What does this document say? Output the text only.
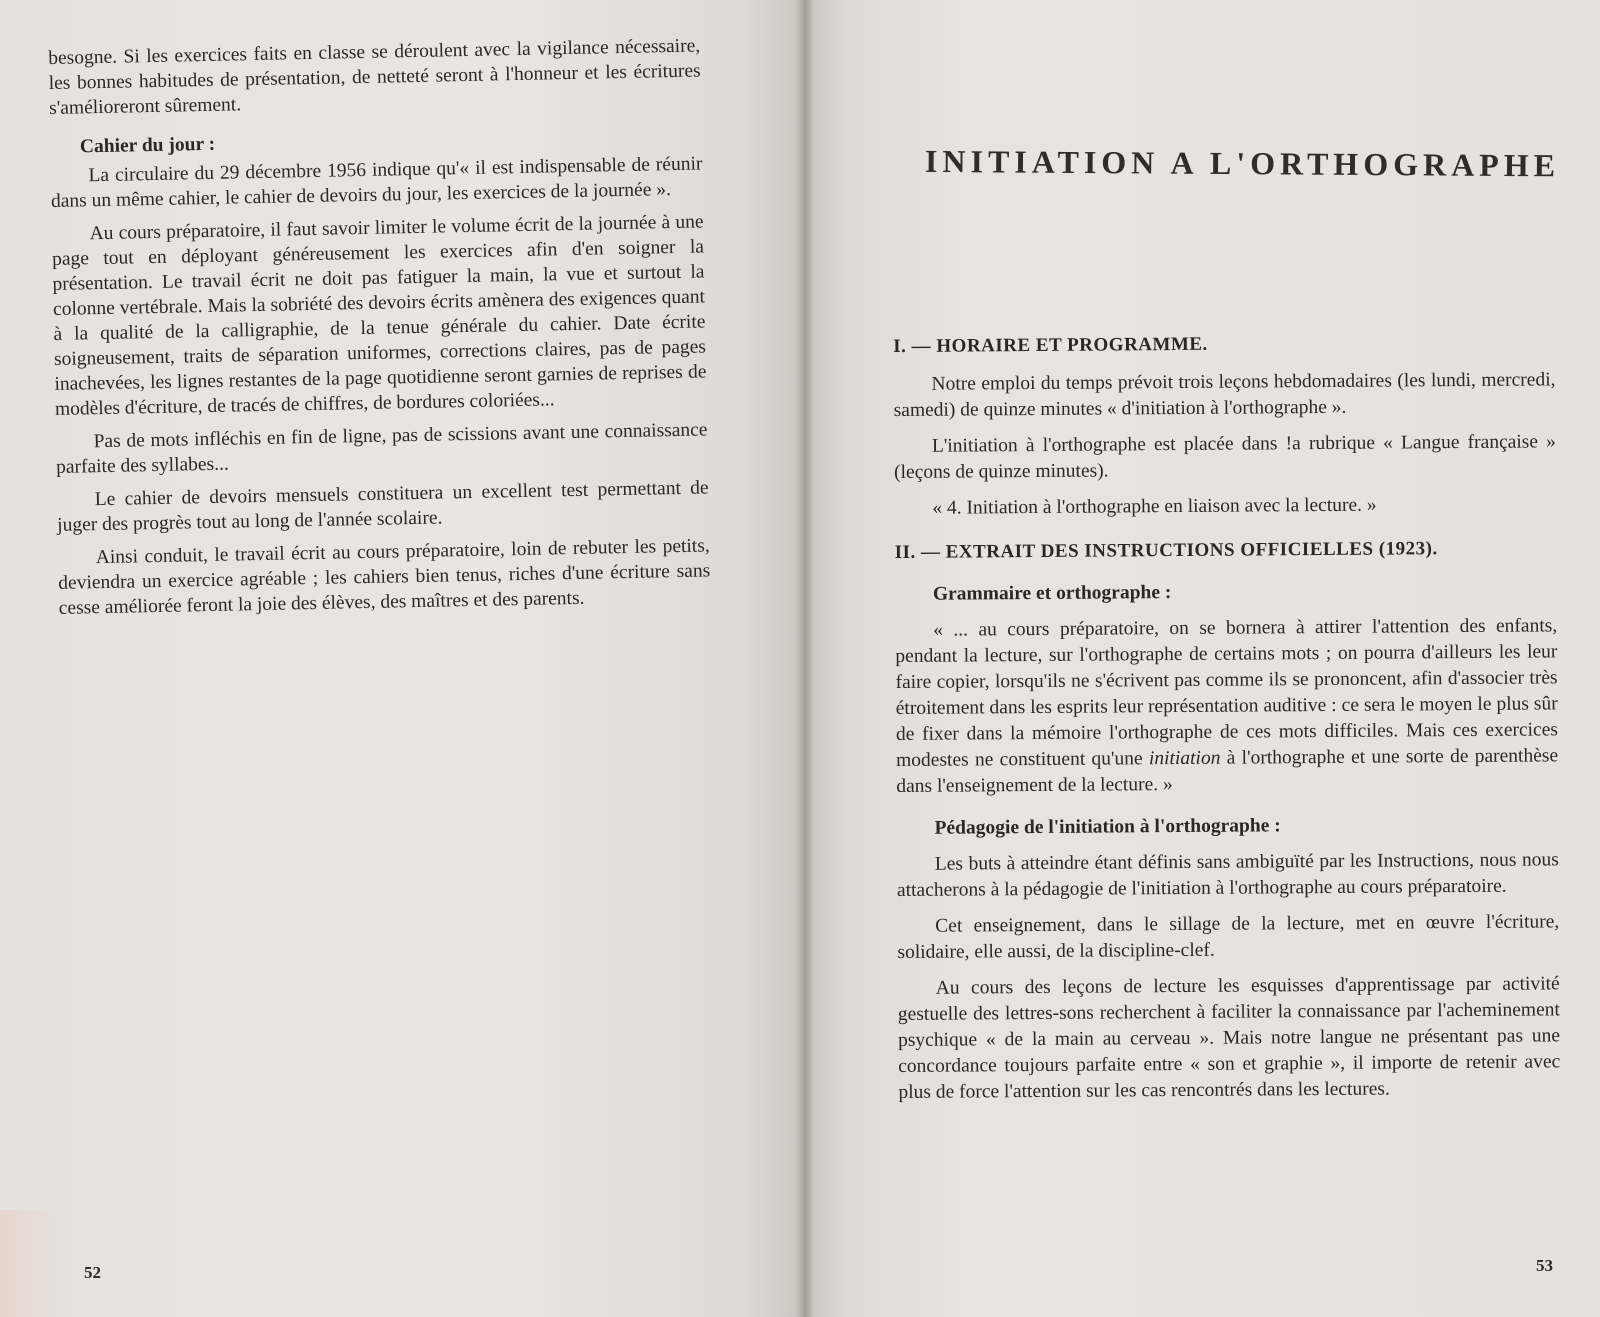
besogne. Si les exercices faits en classe se déroulent avec la vigilance nécessaire, les bonnes habitudes de présentation, de netteté seront à l'honneur et les écritures s'amélioreront sûrement.

Cahier du jour :

La circulaire du 29 décembre 1956 indique qu'« il est indispensable de réunir dans un même cahier, le cahier de devoirs du jour, les exercices de la journée ».

Au cours préparatoire, il faut savoir limiter le volume écrit de la journée à une page tout en déployant généreusement les exercices afin d'en soigner la présentation. Le travail écrit ne doit pas fatiguer la main, la vue et surtout la colonne vertébrale. Mais la sobriété des devoirs écrits amènera des exigences quant à la qualité de la calligraphie, de la tenue générale du cahier. Date écrite soigneusement, traits de séparation uniformes, corrections claires, pas de pages inachevées, les lignes restantes de la page quotidienne seront garnies de reprises de modèles d'écriture, de tracés de chiffres, de bordures coloriées...

Pas de mots infléchis en fin de ligne, pas de scissions avant une connaissance parfaite des syllabes...

Le cahier de devoirs mensuels constituera un excellent test permettant de juger des progrès tout au long de l'année scolaire.

Ainsi conduit, le travail écrit au cours préparatoire, loin de rebuter les petits, deviendra un exercice agréable ; les cahiers bien tenus, riches d'une écriture sans cesse améliorée feront la joie des élèves, des maîtres et des parents.

52
INITIATION A L'ORTHOGRAPHE

I. — HORAIRE ET PROGRAMME.

Notre emploi du temps prévoit trois leçons hebdomadaires (les lundi, mercredi, samedi) de quinze minutes « d'initiation à l'orthographe ».

L'initiation à l'orthographe est placée dans !a rubrique « Langue française » (leçons de quinze minutes).

« 4. Initiation à l'orthographe en liaison avec la lecture. »

II. — EXTRAIT DES INSTRUCTIONS OFFICIELLES (1923).

Grammaire et orthographe :

« ... au cours préparatoire, on se bornera à attirer l'attention des enfants, pendant la lecture, sur l'orthographe de certains mots ; on pourra d'ailleurs les leur faire copier, lorsqu'ils ne s'écrivent pas comme ils se prononcent, afin d'associer très étroitement dans les esprits leur représentation auditive : ce sera le moyen le plus sûr de fixer dans la mémoire l'orthographe de ces mots difficiles. Mais ces exercices modestes ne constituent qu'une initiation à l'orthographe et une sorte de parenthèse dans l'enseignement de la lecture. »

Pédagogie de l'initiation à l'orthographe :

Les buts à atteindre étant définis sans ambiguïté par les Instructions, nous nous attacherons à la pédagogie de l'initiation à l'orthographe au cours préparatoire.

Cet enseignement, dans le sillage de la lecture, met en œuvre l'écriture, solidaire, elle aussi, de la discipline-clef.

Au cours des leçons de lecture les esquisses d'apprentissage par activité gestuelle des lettres-sons recherchent à faciliter la connaissance par l'acheminement psychique « de la main au cerveau ». Mais notre langue ne présentant pas une concordance toujours parfaite entre « son et graphie », il importe de retenir avec plus de force l'attention sur les cas rencontrés dans les lectures.

53
